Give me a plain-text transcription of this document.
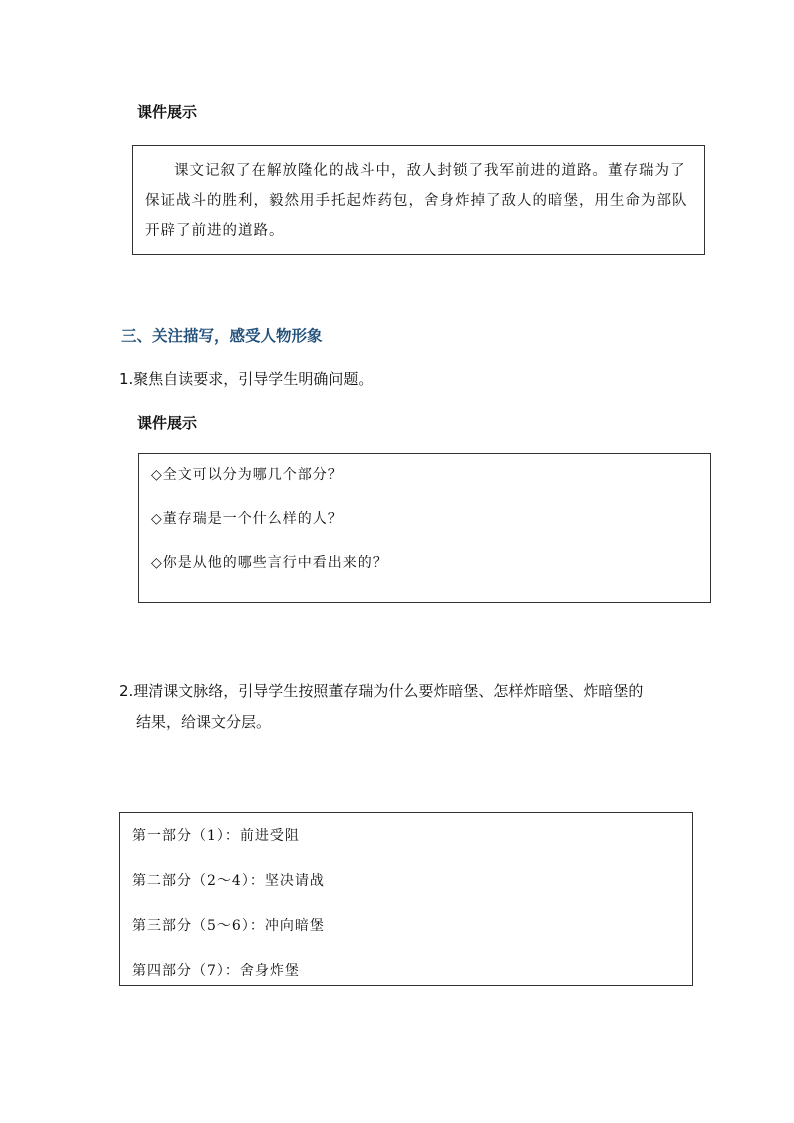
课件展示

课文记叙了在解放隆化的战斗中，敌人封锁了我军前进的道路。董存瑞为了保证战斗的胜利，毅然用手托起炸药包，舍身炸掉了敌人的暗堡，用生命为部队开辟了前进的道路。

三、关注描写，感受人物形象
1.聚焦自读要求，引导学生明确问题。
课件展示
◇全文可以分为哪几个部分？
◇董存瑞是一个什么样的人？
◇你是从他的哪些言行中看出来的？
2.理清课文脉络，引导学生按照董存瑞为什么要炸暗堡、怎样炸暗堡、炸暗堡的
结果，给课文分层。
第一部分（1）：前进受阻
第二部分（2～4）：坚决请战
第三部分（5～6）：冲向暗堡
第四部分（7）：舍身炸堡
